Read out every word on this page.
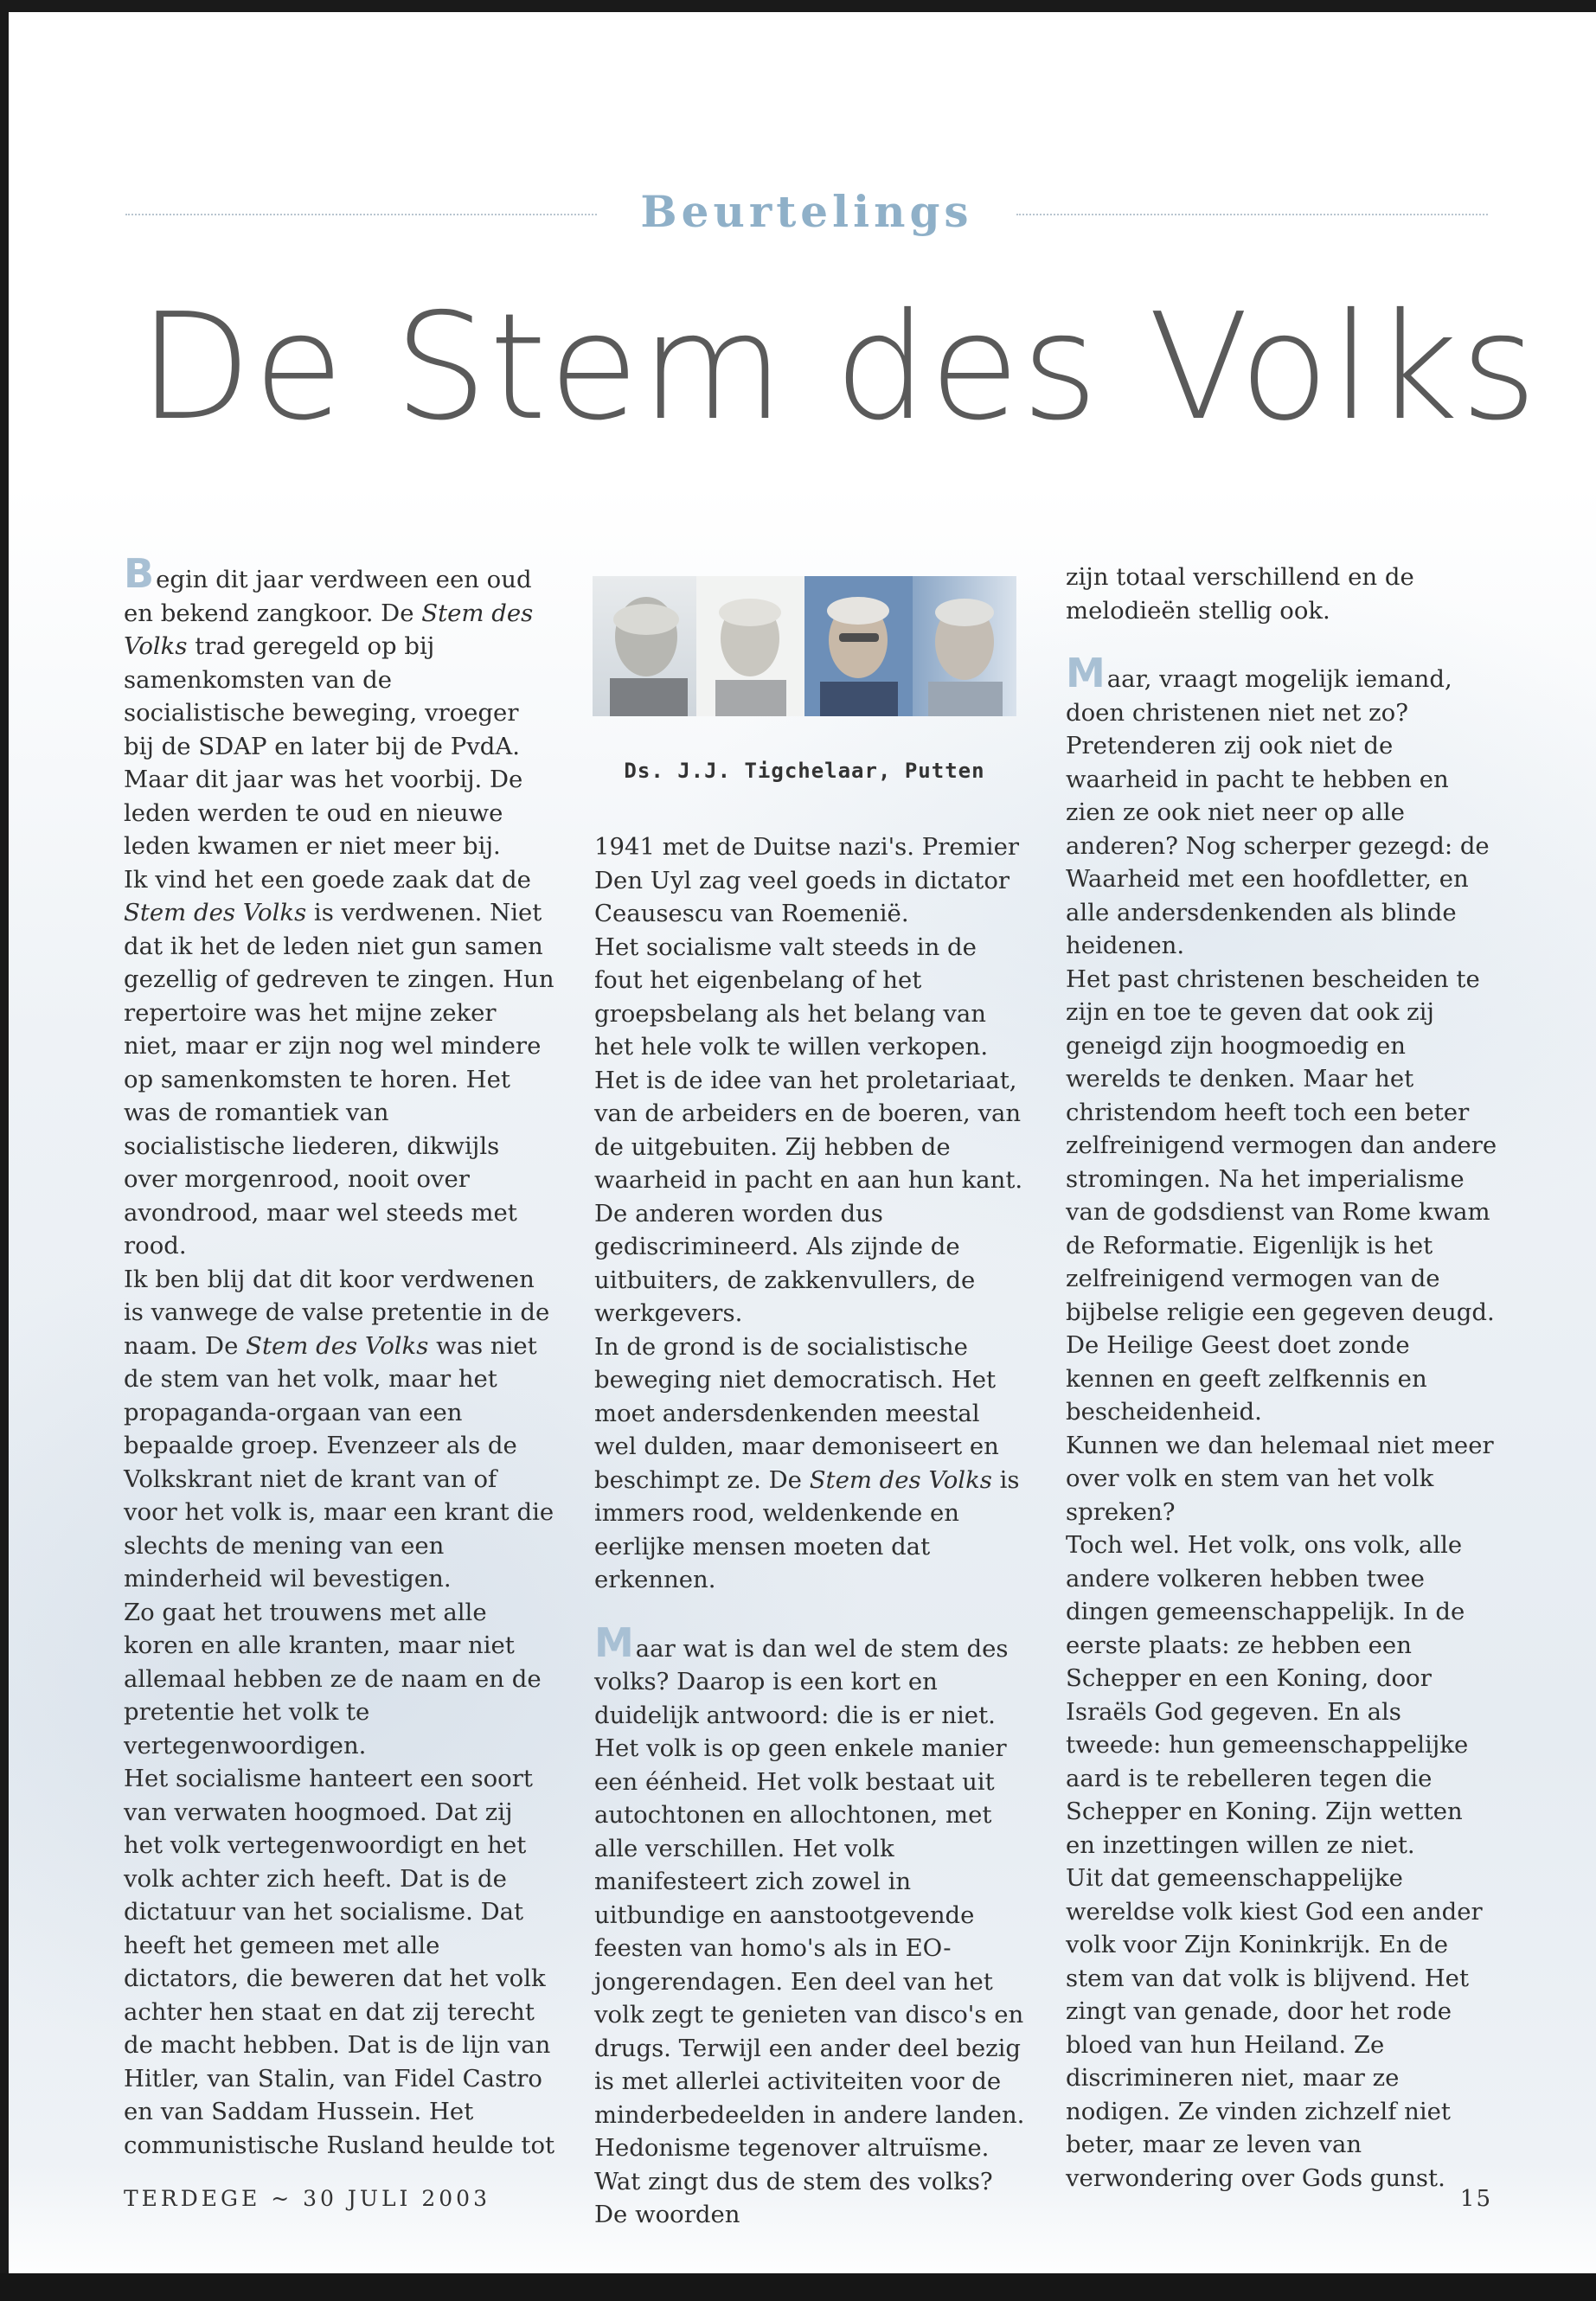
Beurtelings
De Stem des Volks

Begin dit jaar verdween een oud en bekend zangkoor. De Stem des Volks trad geregeld op bij samenkomsten van de socialistische beweging, vroeger bij de SDAP en later bij de PvdA. Maar dit jaar was het voorbij. De leden werden te oud en nieuwe leden kwamen er niet meer bij.

Ik vind het een goede zaak dat de Stem des Volks is verdwenen. Niet dat ik het de leden niet gun samen gezellig of gedreven te zingen. Hun repertoire was het mijne zeker niet, maar er zijn nog wel mindere op samenkomsten te horen. Het was de romantiek van socialistische liederen, dikwijls over morgenrood, nooit over avondrood, maar wel steeds met rood.

Ik ben blij dat dit koor verdwenen is vanwege de valse pretentie in de naam. De Stem des Volks was niet de stem van het volk, maar het propaganda-orgaan van een bepaalde groep. Evenzeer als de Volkskrant niet de krant van of voor het volk is, maar een krant die slechts de mening van een minderheid wil bevestigen.

Zo gaat het trouwens met alle koren en alle kranten, maar niet allemaal hebben ze de naam en de pretentie het volk te vertegenwoordigen.

Het socialisme hanteert een soort van verwaten hoogmoed. Dat zij het volk vertegenwoordigt en het volk achter zich heeft. Dat is de dictatuur van het socialisme. Dat heeft het gemeen met alle dictators, die beweren dat het volk achter hen staat en dat zij terecht de macht hebben. Dat is de lijn van Hitler, van Stalin, van Fidel Castro en van Saddam Hussein. Het communistische Rusland heulde tot

Ds. J.J. Tigchelaar, Putten

1941 met de Duitse nazi's. Premier Den Uyl zag veel goeds in dictator Ceausescu van Roemenië.

Het socialisme valt steeds in de fout het eigenbelang of het groepsbelang als het belang van het hele volk te willen verkopen.

Het is de idee van het proletariaat, van de arbeiders en de boeren, van de uitgebuiten. Zij hebben de waarheid in pacht en aan hun kant. De anderen worden dus gediscrimineerd. Als zijnde de uitbuiters, de zakkenvullers, de werkgevers.

In de grond is de socialistische beweging niet democratisch. Het moet andersdenkenden meestal wel dulden, maar demoniseert en beschimpt ze. De Stem des Volks is immers rood, weldenkende en eerlijke mensen moeten dat erkennen.

Maar wat is dan wel de stem des volks? Daarop is een kort en duidelijk antwoord: die is er niet. Het volk is op geen enkele manier een éénheid. Het volk bestaat uit autochtonen en allochtonen, met alle verschillen. Het volk manifesteert zich zowel in uitbundige en aanstootgevende feesten van homo's als in EO-jongerendagen. Een deel van het volk zegt te genieten van disco's en drugs. Terwijl een ander deel bezig is met allerlei activiteiten voor de minderbedeelden in andere landen. Hedonisme tegenover altruïsme. Wat zingt dus de stem des volks? De woorden

zijn totaal verschillend en de melodieën stellig ook.

Maar, vraagt mogelijk iemand, doen christenen niet net zo? Pretenderen zij ook niet de waarheid in pacht te hebben en zien ze ook niet neer op alle anderen? Nog scherper gezegd: de Waarheid met een hoofdletter, en alle andersdenkenden als blinde heidenen.

Het past christenen bescheiden te zijn en toe te geven dat ook zij geneigd zijn hoogmoedig en werelds te denken. Maar het christendom heeft toch een beter zelfreinigend vermogen dan andere stromingen. Na het imperialisme van de godsdienst van Rome kwam de Reformatie. Eigenlijk is het zelfreinigend vermogen van de bijbelse religie een gegeven deugd. De Heilige Geest doet zonde kennen en geeft zelfkennis en bescheidenheid.

Kunnen we dan helemaal niet meer over volk en stem van het volk spreken?

Toch wel. Het volk, ons volk, alle andere volkeren hebben twee dingen gemeenschappelijk. In de eerste plaats: ze hebben een Schepper en een Koning, door Israëls God gegeven. En als tweede: hun gemeenschappelijke aard is te rebelleren tegen die Schepper en Koning. Zijn wetten en inzettingen willen ze niet.

Uit dat gemeenschappelijke wereldse volk kiest God een ander volk voor Zijn Koninkrijk. En de stem van dat volk is blijvend. Het zingt van genade, door het rode bloed van hun Heiland. Ze discrimineren niet, maar ze nodigen. Ze vinden zichzelf niet beter, maar ze leven van verwondering over Gods gunst.

TERDEGE ~ 30 JULI 2003	15
